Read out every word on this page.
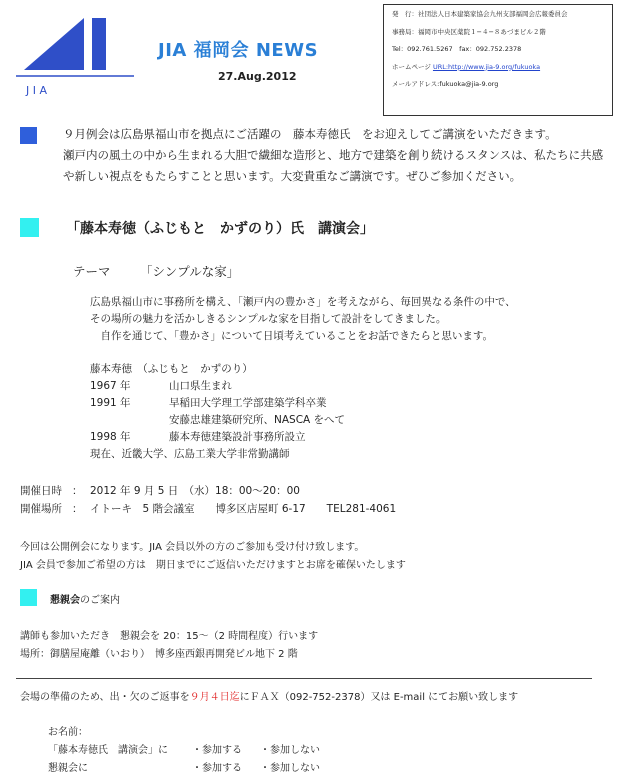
J I A
JIA 福岡会 NEWS
27.Aug.2012
発　行：社団法人日本建築家協会九州支部福岡会広報委員会
事務局：福岡市中央区薬院１−４−８あづまビル２階
Tel：092.761.5267　fax：092.752.2378
ホームページ URL:http://www.jia-9.org/fukuoka
メールアドレス:fukuoka@jia-9.org
９月例会は広島県福山市を拠点にご活躍の　藤本寿徳氏　をお迎えしてご講演をいただきます。
瀬戸内の風土の中から生まれる大胆で繊細な造形と、地方で建築を創り続けるスタンスは、私たちに共感
や新しい視点をもたらすことと思います。大変貴重なご講演です。ぜひご参加ください。
「藤本寿徳（ふじもと　かずのり）氏　講演会」
テーマ 「シンプルな家」
広島県福山市に事務所を構え、「瀬戸内の豊かさ」を考えながら、毎回異なる条件の中で、
その場所の魅力を活かしきるシンプルな家を目指して設計をしてきました。
　自作を通じて、「豊かさ」について日頃考えていることをお話できたらと思います。
藤本寿徳　（ふじもと　かずのり）
1967 年	山口県生まれ
1991 年	早稲田大学理工学部建築学科卒業
安藤忠雄建築研究所、NASCA をへて
1998 年	藤本寿徳建築設計事務所設立
現在、近畿大学、広島工業大学非常勤講師
開催日時 ： 2012 年 9 月 5 日　（水）18：00〜20：00
開催場所 ： イトーキ　5 階会議室　　博多区店屋町 6-17　　TEL281-4061
今回は公開例会になります。JIA 会員以外の方のご参加も受け付け致します。
JIA 会員で参加ご希望の方は　期日までにご返信いただけますとお席を確保いたします
懇親会のご案内
講師も参加いただき　懇親会を 20：15〜（2 時間程度）行います
場所：御膳屋庵離（いおり）　博多座西銀再開発ビル地下 2 階
会場の準備のため、出・欠のご返事を９月４日迄にＦＡＸ（092-752-2378）又は E-mail にてお願い致します
お名前：
「藤本寿徳氏　講演会」に ・参加する ・参加しない
懇親会に	・参加する ・参加しない
